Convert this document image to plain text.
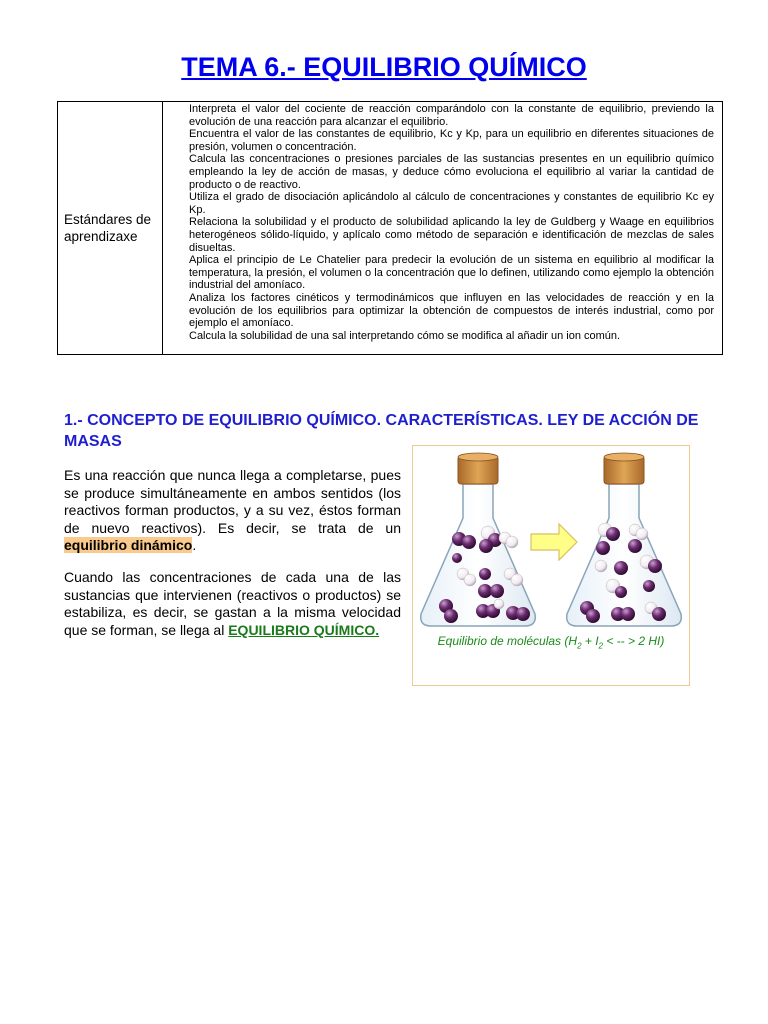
TEMA 6.- EQUILIBRIO QUÍMICO
Estándares de aprendizaxe	
Interpreta el valor del cociente de reacción comparándolo con la constante de equilibrio, previendo la evolución de una reacción para alcanzar el equilibrio.
Encuentra el valor de las constantes de equilibrio, Kc y Kp, para un equilibrio en diferentes situaciones de presión, volumen o concentración.
Calcula las concentraciones o presiones parciales de las sustancias presentes en un equilibrio químico empleando la ley de acción de masas, y deduce cómo evoluciona el equilibrio al variar la cantidad de producto o de reactivo.
Utiliza el grado de disociación aplicándolo al cálculo de concentraciones y constantes de equilibrio Kc ey Kp.
Relaciona la solubilidad y el producto de solubilidad aplicando la ley de Guldberg y Waage en equilibrios heterogéneos sólido-líquido, y aplícalo como método de separación e identificación de mezclas de sales disueltas.
Aplica el principio de Le Chatelier para predecir la evolución de un sistema en equilibrio al modificar la temperatura, la presión, el volumen o la concentración que lo definen, utilizando como ejemplo la obtención industrial del amoníaco.
Analiza los factores cinéticos y termodinámicos que influyen en las velocidades de reacción y en la evolución de los equilibrios para optimizar la obtención de compuestos de interés industrial, como por ejemplo el amoníaco.
Calcula la solubilidad de una sal interpretando cómo se modifica al añadir un ion común.
1.- CONCEPTO DE EQUILIBRIO QUÍMICO. CARACTERÍSTICAS. LEY DE ACCIÓN DE MASAS

Es una reacción que nunca llega a completarse, pues se produce simultáneamente en ambos sentidos (los reactivos forman productos, y a su vez, éstos forman de nuevo reactivos). Es decir, se trata de un equilibrio dinámico.

Cuando las concentraciones de cada una de las sustancias que intervienen (reactivos o productos) se estabiliza, es decir, se gastan a la misma velocidad que se forman, se llega al EQUILIBRIO QUÍMICO.

Equilibrio de moléculas ($H_2 + I_2$ < -- > 2 HI)
